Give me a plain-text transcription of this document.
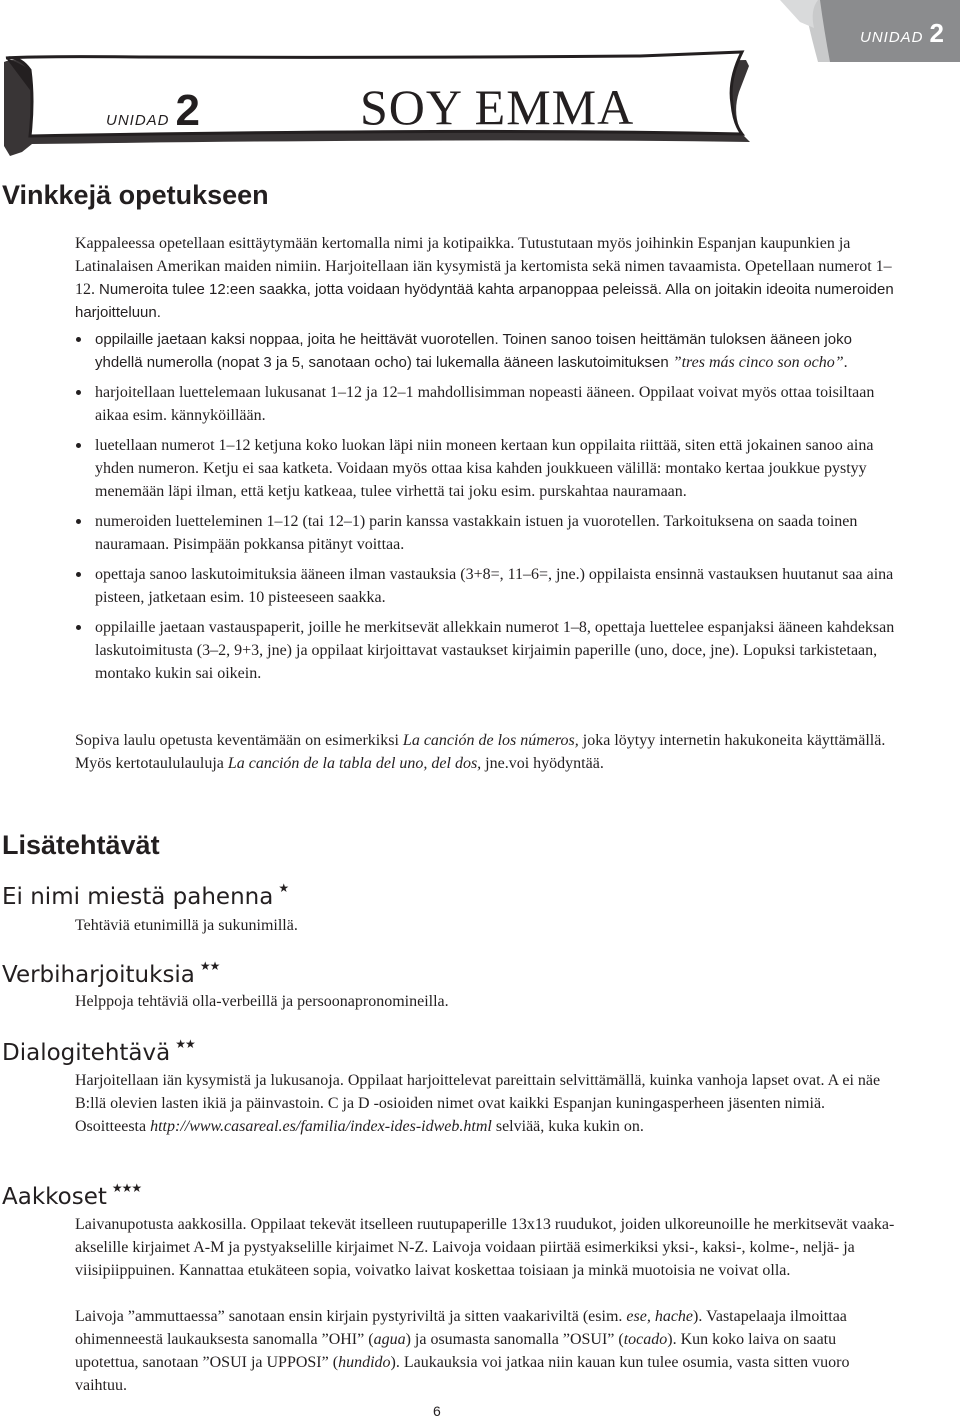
UNIDAD 2
UNIDAD 2	SOY EMMA
Vinkkejä opetukseen

Kappaleessa opetellaan esittäytymään kertomalla nimi ja kotipaikka. Tutustutaan myös joihinkin Espanjan kaupunkien ja Latinalaisen Amerikan maiden nimiin. Harjoitellaan iän kysymistä ja kertomista sekä nimen tavaamista. Opetellaan numerot 1–12. Numeroita tulee 12:een saakka, jotta voidaan hyödyntää kahta arpanoppaa peleissä. Alla on joitakin ideoita numeroiden harjoitteluun.

oppilaille jaetaan kaksi noppaa, joita he heittävät vuorotellen. Toinen sanoo toisen heittämän tuloksen ääneen joko yhdellä numerolla (nopat 3 ja 5, sanotaan ocho) tai lukemalla ääneen laskutoimituksen ”tres más cinco son ocho”.
harjoitellaan luettelemaan lukusanat 1–12 ja 12–1 mahdollisimman nopeasti ääneen. Oppilaat voivat myös ottaa toisiltaan aikaa esim. kännyköillään.
luetellaan numerot 1–12 ketjuna koko luokan läpi niin moneen kertaan kun oppilaita riittää, siten että jokainen sanoo aina yhden numeron. Ketju ei saa katketa. Voidaan myös ottaa kisa kahden joukkueen välillä: montako kertaa joukkue pystyy menemään läpi ilman, että ketju katkeaa, tulee virhettä tai joku esim. purskahtaa nauramaan.
numeroiden luetteleminen 1–12 (tai 12–1) parin kanssa vastakkain istuen ja vuorotellen. Tarkoituksena on saada toinen nauramaan. Pisimpään pokkansa pitänyt voittaa.
opettaja sanoo laskutoimituksia ääneen ilman vastauksia (3+8=, 11–6=, jne.) oppilaista ensinnä vastauksen huutanut saa aina pisteen, jatketaan esim. 10 pisteeseen saakka.
oppilaille jaetaan vastauspaperit, joille he merkitsevät allekkain numerot 1–8, opettaja luettelee espanjaksi ääneen kahdeksan laskutoimitusta (3–2, 9+3, jne) ja oppilaat kirjoittavat vastaukset kirjaimin paperille (uno, doce, jne). Lopuksi tarkistetaan, montako kukin sai oikein.

Sopiva laulu opetusta keventämään on esimerkiksi La canción de los números, joka löytyy internetin hakukoneita käyttämällä. Myös kertotaululauluja La canción de la tabla del uno, del dos, jne.voi hyödyntää.

Lisätehtävät
Ei nimi miestä pahenna ★

Tehtäviä etunimillä ja sukunimillä.

Verbiharjoituksia ★★

Helppoja tehtäviä olla-verbeillä ja persoonapronomineilla.

Dialogitehtävä ★★

Harjoitellaan iän kysymistä ja lukusanoja. Oppilaat harjoittelevat pareittain selvittämällä, kuinka vanhoja lapset ovat. A ei näe B:llä olevien lasten ikiä ja päinvastoin. C ja D -osioiden nimet ovat kaikki Espanjan kuningasperheen jäsenten nimiä. Osoitteesta http://www.casareal.es/familia/index-ides-idweb.html selviää, kuka kukin on.

Aakkoset ★★★

Laivanupotusta aakkosilla. Oppilaat tekevät itselleen ruutupaperille 13x13 ruudukot, joiden ulkoreunoille he merkitsevät vaaka-akselille kirjaimet A-M ja pystyakselille kirjaimet N-Z. Laivoja voidaan piirtää esimerkiksi yksi-, kaksi-, kolme-, neljä- ja viisipiippuinen. Kannattaa etukäteen sopia, voivatko laivat koskettaa toisiaan ja minkä muotoisia ne voivat olla.

Laivoja ”ammuttaessa” sanotaan ensin kirjain pystyriviltä ja sitten vaakariviltä (esim. ese, hache). Vastapelaaja ilmoittaa ohimenneestä laukauksesta sanomalla ”OHI” (agua) ja osumasta sanomalla ”OSUI” (tocado). Kun koko laiva on saatu upotettua, sanotaan ”OSUI ja UPPOSI” (hundido). Laukauksia voi jatkaa niin kauan kun tulee osumia, vasta sitten vuoro vaihtuu.

6
